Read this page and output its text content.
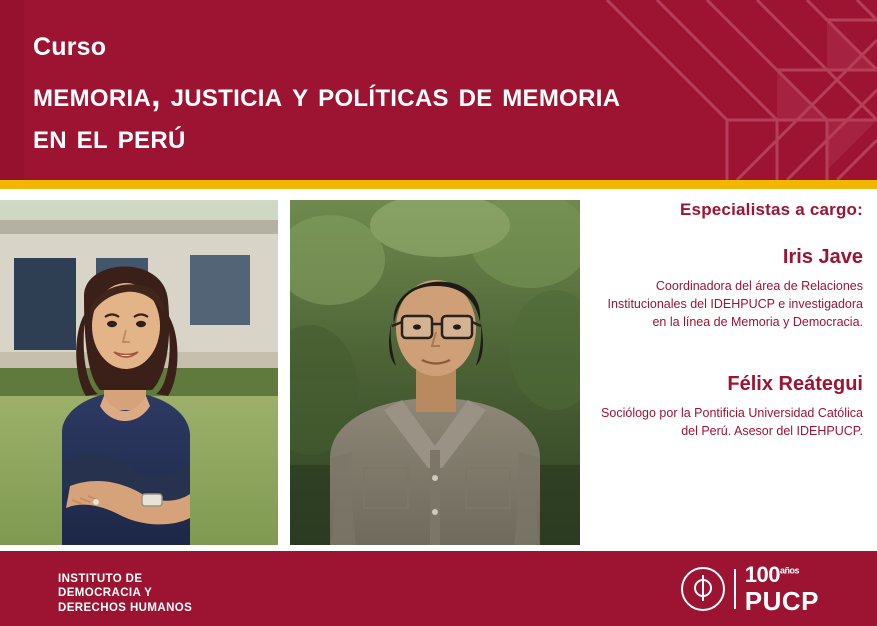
Curso
memoria, justicia y políticas de memoria
en el perú
Especialistas a cargo:
Iris Jave
Coordinadora del área de Relaciones Institucionales del IDEHPUCP e investigadora en la línea de Memoria y Democracia.
Félix Reátegui
Sociólogo por la Pontificia Universidad Católica del Perú. Asesor del IDEHPUCP.
INSTITUTO DE
DEMOCRACIA Y
DERECHOS HUMANOS
$100^{años}$
PUCP
